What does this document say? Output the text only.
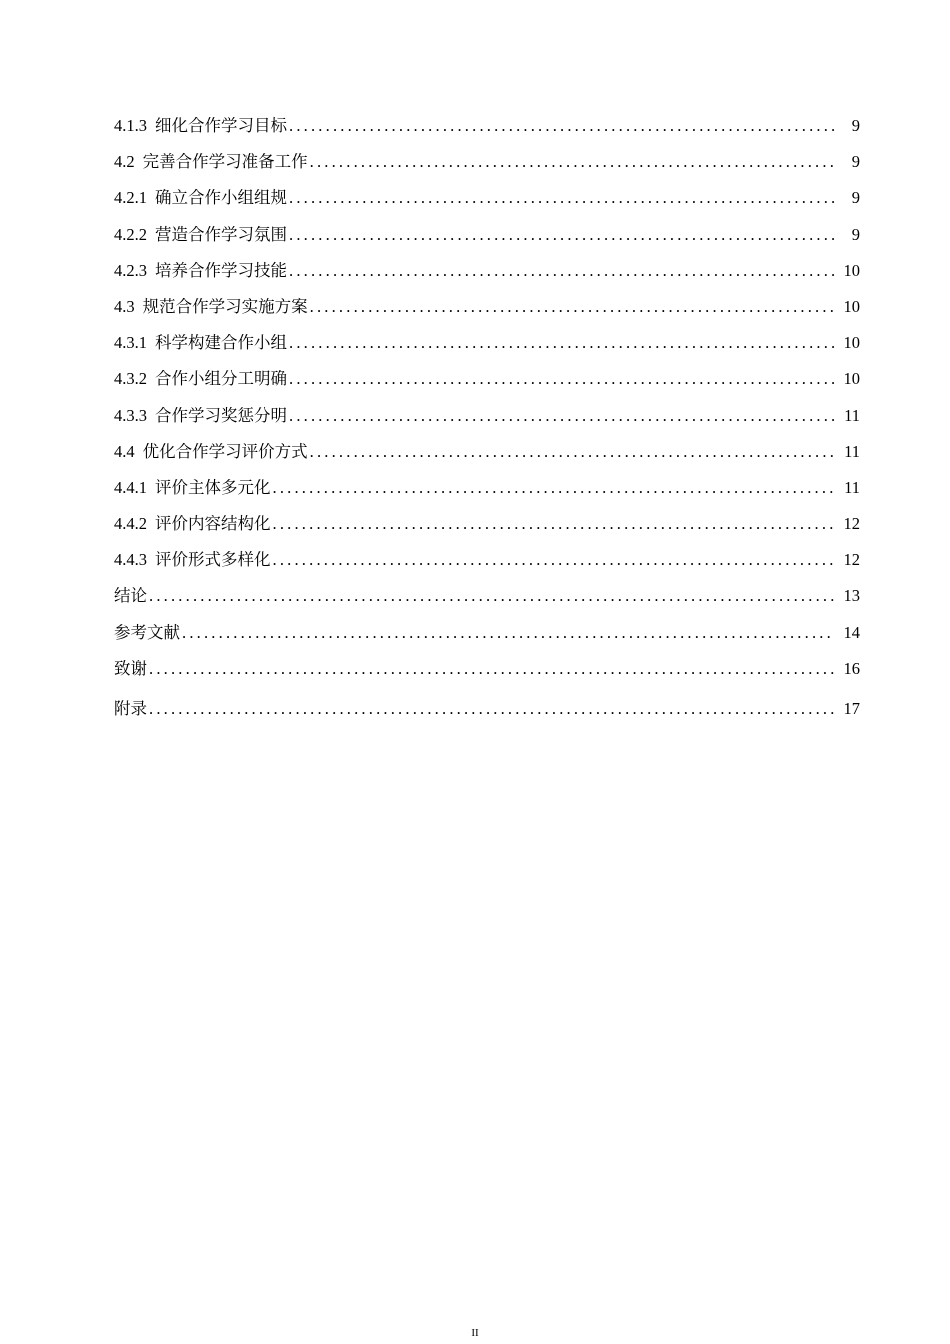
4.1.3 细化合作学习目标 .....	9
4.2 完善合作学习准备工作 .....	9
4.2.1 确立合作小组组规 .....	9
4.2.2 营造合作学习氛围 .....	9
4.2.3 培养合作学习技能 .....	10
4.3 规范合作学习实施方案 .....	10
4.3.1 科学构建合作小组 .....	10
4.3.2 合作小组分工明确 .....	10
4.3.3 合作学习奖惩分明 .....	11
4.4 优化合作学习评价方式 .....	11
4.4.1 评价主体多元化 .....	11
4.4.2 评价内容结构化 .....	12
4.4.3 评价形式多样化 .....	12
结论 .....	13
参考文献 .....	14
致谢 .....	16
附录 .....	17
II
